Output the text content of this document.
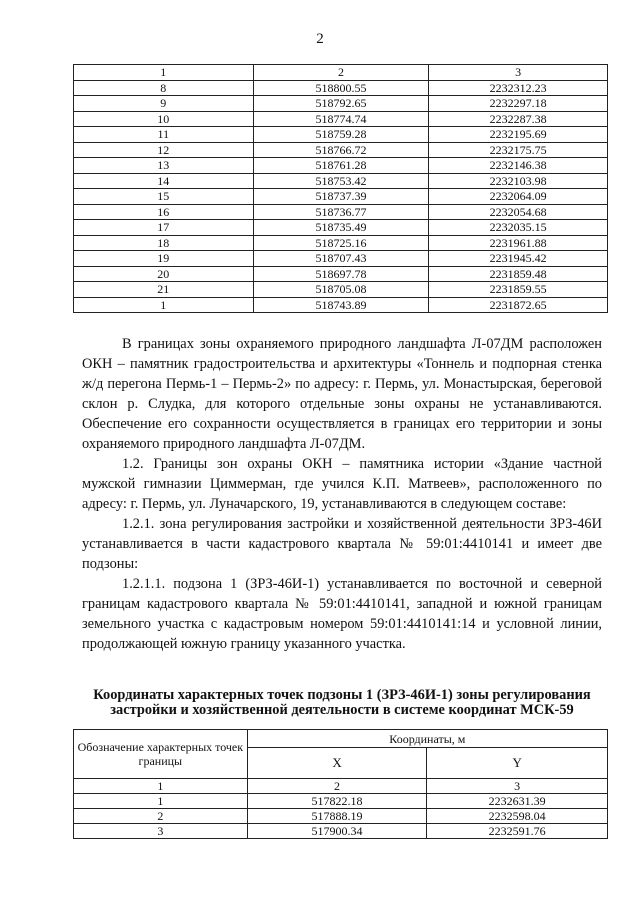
2
1	2	3
8	518800.55	2232312.23
9	518792.65	2232297.18
10	518774.74	2232287.38
11	518759.28	2232195.69
12	518766.72	2232175.75
13	518761.28	2232146.38
14	518753.42	2232103.98
15	518737.39	2232064.09
16	518736.77	2232054.68
17	518735.49	2232035.15
18	518725.16	2231961.88
19	518707.43	2231945.42
20	518697.78	2231859.48
21	518705.08	2231859.55
1	518743.89	2231872.65

В границах зоны охраняемого природного ландшафта Л-07ДМ расположен ОКН – памятник градостроительства и архитектуры «Тоннель и подпорная стенка ж/д перегона Пермь-1 – Пермь-2» по адресу: г. Пермь, ул. Монастырская, береговой склон р. Слудка, для которого отдельные зоны охраны не устанавливаются. Обеспечение его сохранности осуществляется в границах его территории и зоны охраняемого природного ландшафта Л-07ДМ.

1.2. Границы зон охраны ОКН – памятника истории «Здание частной мужской гимназии Циммерман, где учился К.П. Матвеев», расположенного по адресу: г. Пермь, ул. Луначарского, 19, устанавливаются в следующем составе:

1.2.1. зона регулирования застройки и хозяйственной деятельности ЗРЗ-46И устанавливается в части кадастрового квартала № 59:01:4410141 и имеет две подзоны:

1.2.1.1. подзона 1 (ЗРЗ-46И-1) устанавливается по восточной и северной границам кадастрового квартала № 59:01:4410141, западной и южной границам земельного участка с кадастровым номером 59:01:4410141:14 и условной линии, продолжающей южную границу указанного участка.

Координаты характерных точек подзоны 1 (ЗРЗ-46И-1) зоны регулирования застройки и хозяйственной деятельности в системе координат МСК-59
Обозначение характерных точек границы	Координаты, м	
	X	Y
1	2	3
1	517822.18	2232631.39
2	517888.19	2232598.04
3	517900.34	2232591.76
